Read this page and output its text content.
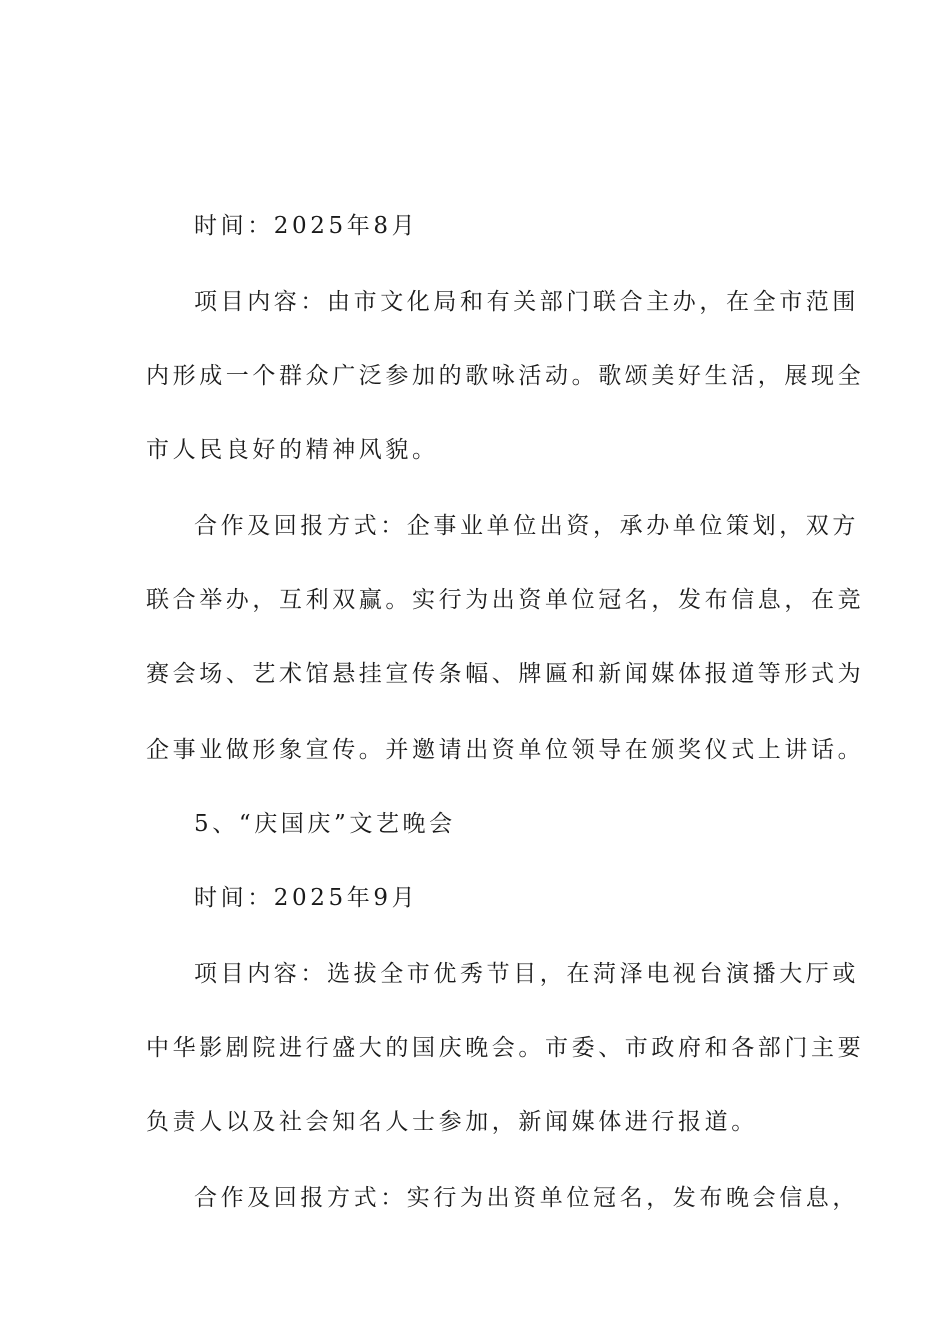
时间：2025年8月
项目内容：由市文化局和有关部门联合主办，在全市范围
内形成一个群众广泛参加的歌咏活动。歌颂美好生活，展现全
市人民良好的精神风貌。
合作及回报方式：企事业单位出资，承办单位策划，双方
联合举办，互利双赢。实行为出资单位冠名，发布信息，在竞
赛会场、艺术馆悬挂宣传条幅、牌匾和新闻媒体报道等形式为
企事业做形象宣传。并邀请出资单位领导在颁奖仪式上讲话。
5、“庆国庆”文艺晚会
时间：2025年9月
项目内容：选拔全市优秀节目，在菏泽电视台演播大厅或
中华影剧院进行盛大的国庆晚会。市委、市政府和各部门主要
负责人以及社会知名人士参加，新闻媒体进行报道。
合作及回报方式：实行为出资单位冠名，发布晚会信息，
